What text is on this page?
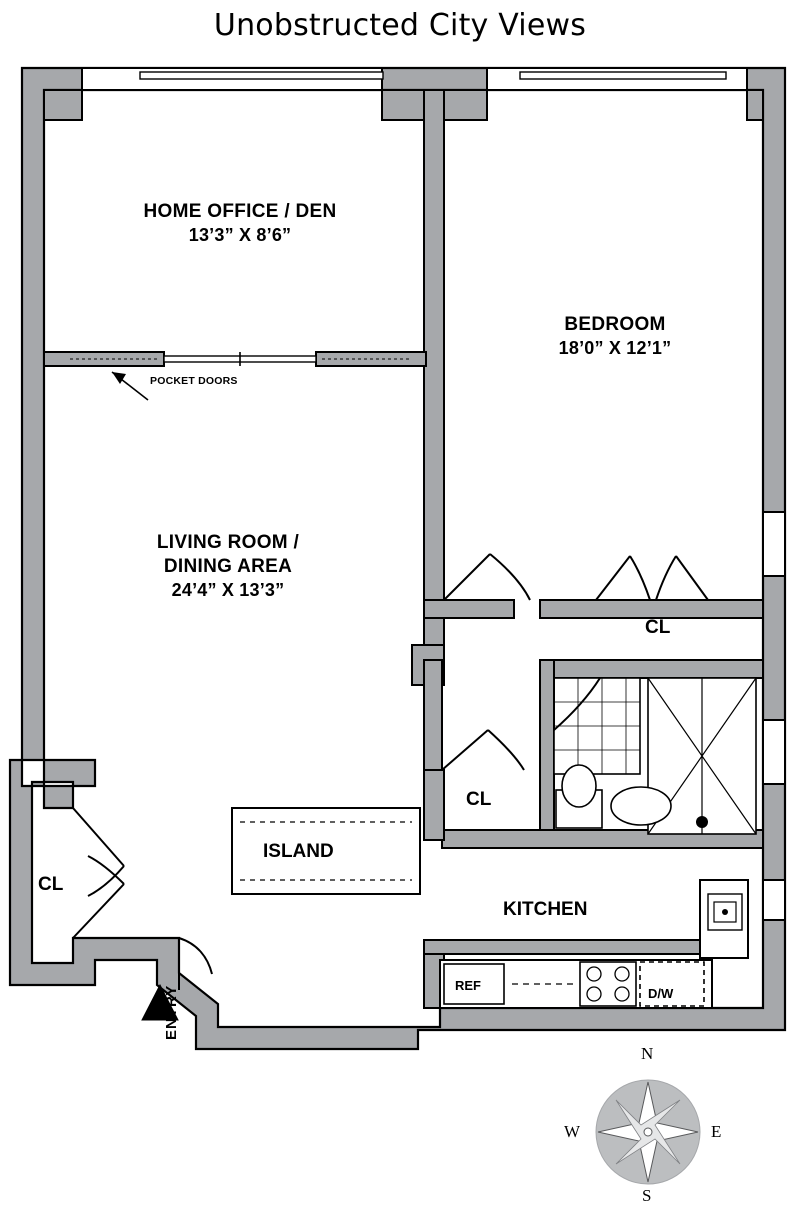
Unobstructed City Views
HOME OFFICE / DEN
13’3” X 8’6”
BEDROOM
18’0” X 12’1”
LIVING ROOM /
DINING AREA
24’4” X 13’3”
KITCHEN
ISLAND
CL
CL
CL
POCKET DOORS
REF
D/W
ENTRY
N
S
E
W
